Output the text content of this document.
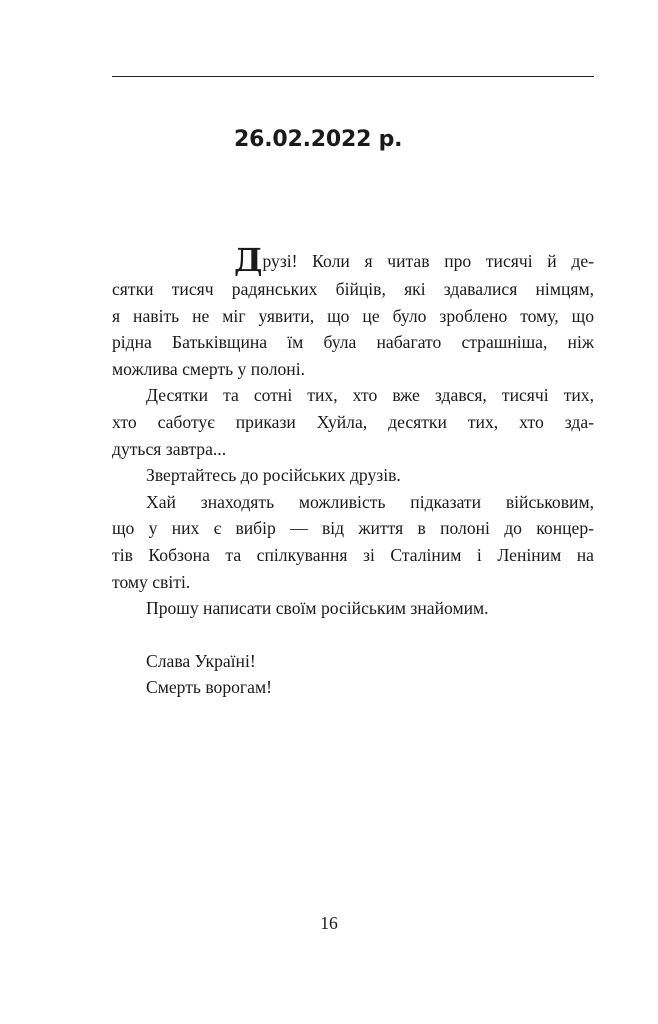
26.02.2022 р.

Друзі! Коли я читав про тисячі й де-
сятки тисяч радянських бійців, які здавалися німцям,
я навіть не міг уявити, що це було зроблено тому, що
рідна Батьківщина їм була набагато страшніша, ніж
можлива смерть у полоні.

Десятки та сотні тих, хто вже здався, тисячі тих,
хто саботує прикази Хуйла, десятки тих, хто зда-
дуться завтра...

Звертайтесь до російських друзів.

Хай знаходять можливість підказати військовим,
що у них є вибір — від життя в полоні до концер-
тів Кобзона та спілкування зі Сталіним і Леніним на
тому світі.

Прошу написати своїм російським знайомим.

Слава Україні!
Смерть ворогам!

16
